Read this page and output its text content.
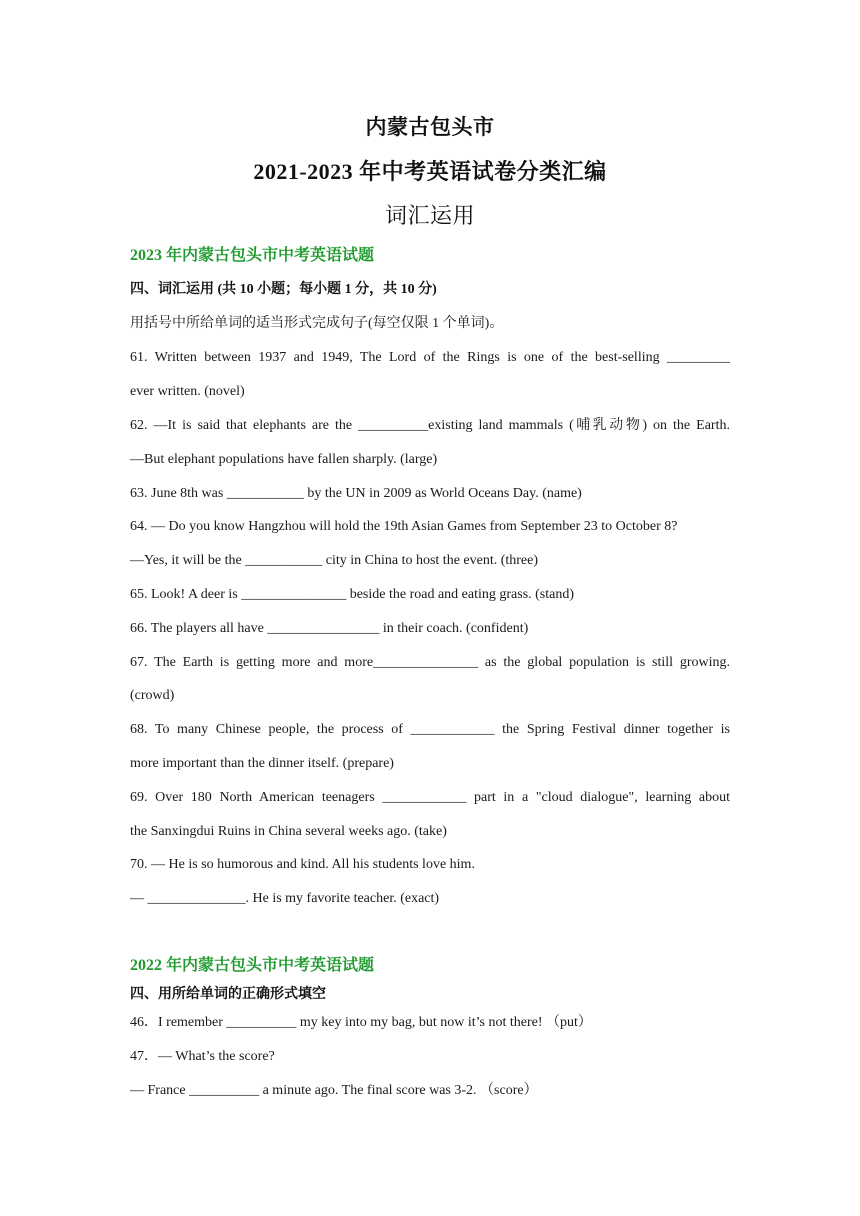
内蒙古包头市
2021-2023 年中考英语试卷分类汇编
词汇运用
2023 年内蒙古包头市中考英语试题
四、词汇运用 (共 10 小题；每小题 1 分，共 10 分)
用括号中所给单词的适当形式完成句子(每空仅限 1 个单词)。
61. Written between 1937 and 1949, The Lord of the Rings is one of the best-selling _________
ever written. (novel)
62. —It is said that elephants are the __________existing land mammals (哺乳动物) on the Earth.
—But elephant populations have fallen sharply. (large)
63. June 8th was ___________ by the UN in 2009 as World Oceans Day. (name)
64. — Do you know Hangzhou will hold the 19th Asian Games from September 23 to October 8?
—Yes, it will be the ___________ city in China to host the event. (three)
65. Look! A deer is _______________ beside the road and eating grass. (stand)
66. The players all have ________________ in their coach. (confident)
67. The Earth is getting more and more_______________ as the global population is still growing.
(crowd)
68. To many Chinese people, the process of ____________ the Spring Festival dinner together is
more important than the dinner itself. (prepare)
69. Over 180 North American teenagers ____________ part in a "cloud dialogue", learning about
the Sanxingdui Ruins in China several weeks ago. (take)
70. — He is so humorous and kind. All his students love him.
— ______________. He is my favorite teacher. (exact)
2022 年内蒙古包头市中考英语试题
四、用所给单词的正确形式填空
46．I remember __________ my key into my bag, but now it’s not there! （put）
47．— What’s the score?
— France __________ a minute ago. The final score was 3-2. （score）
